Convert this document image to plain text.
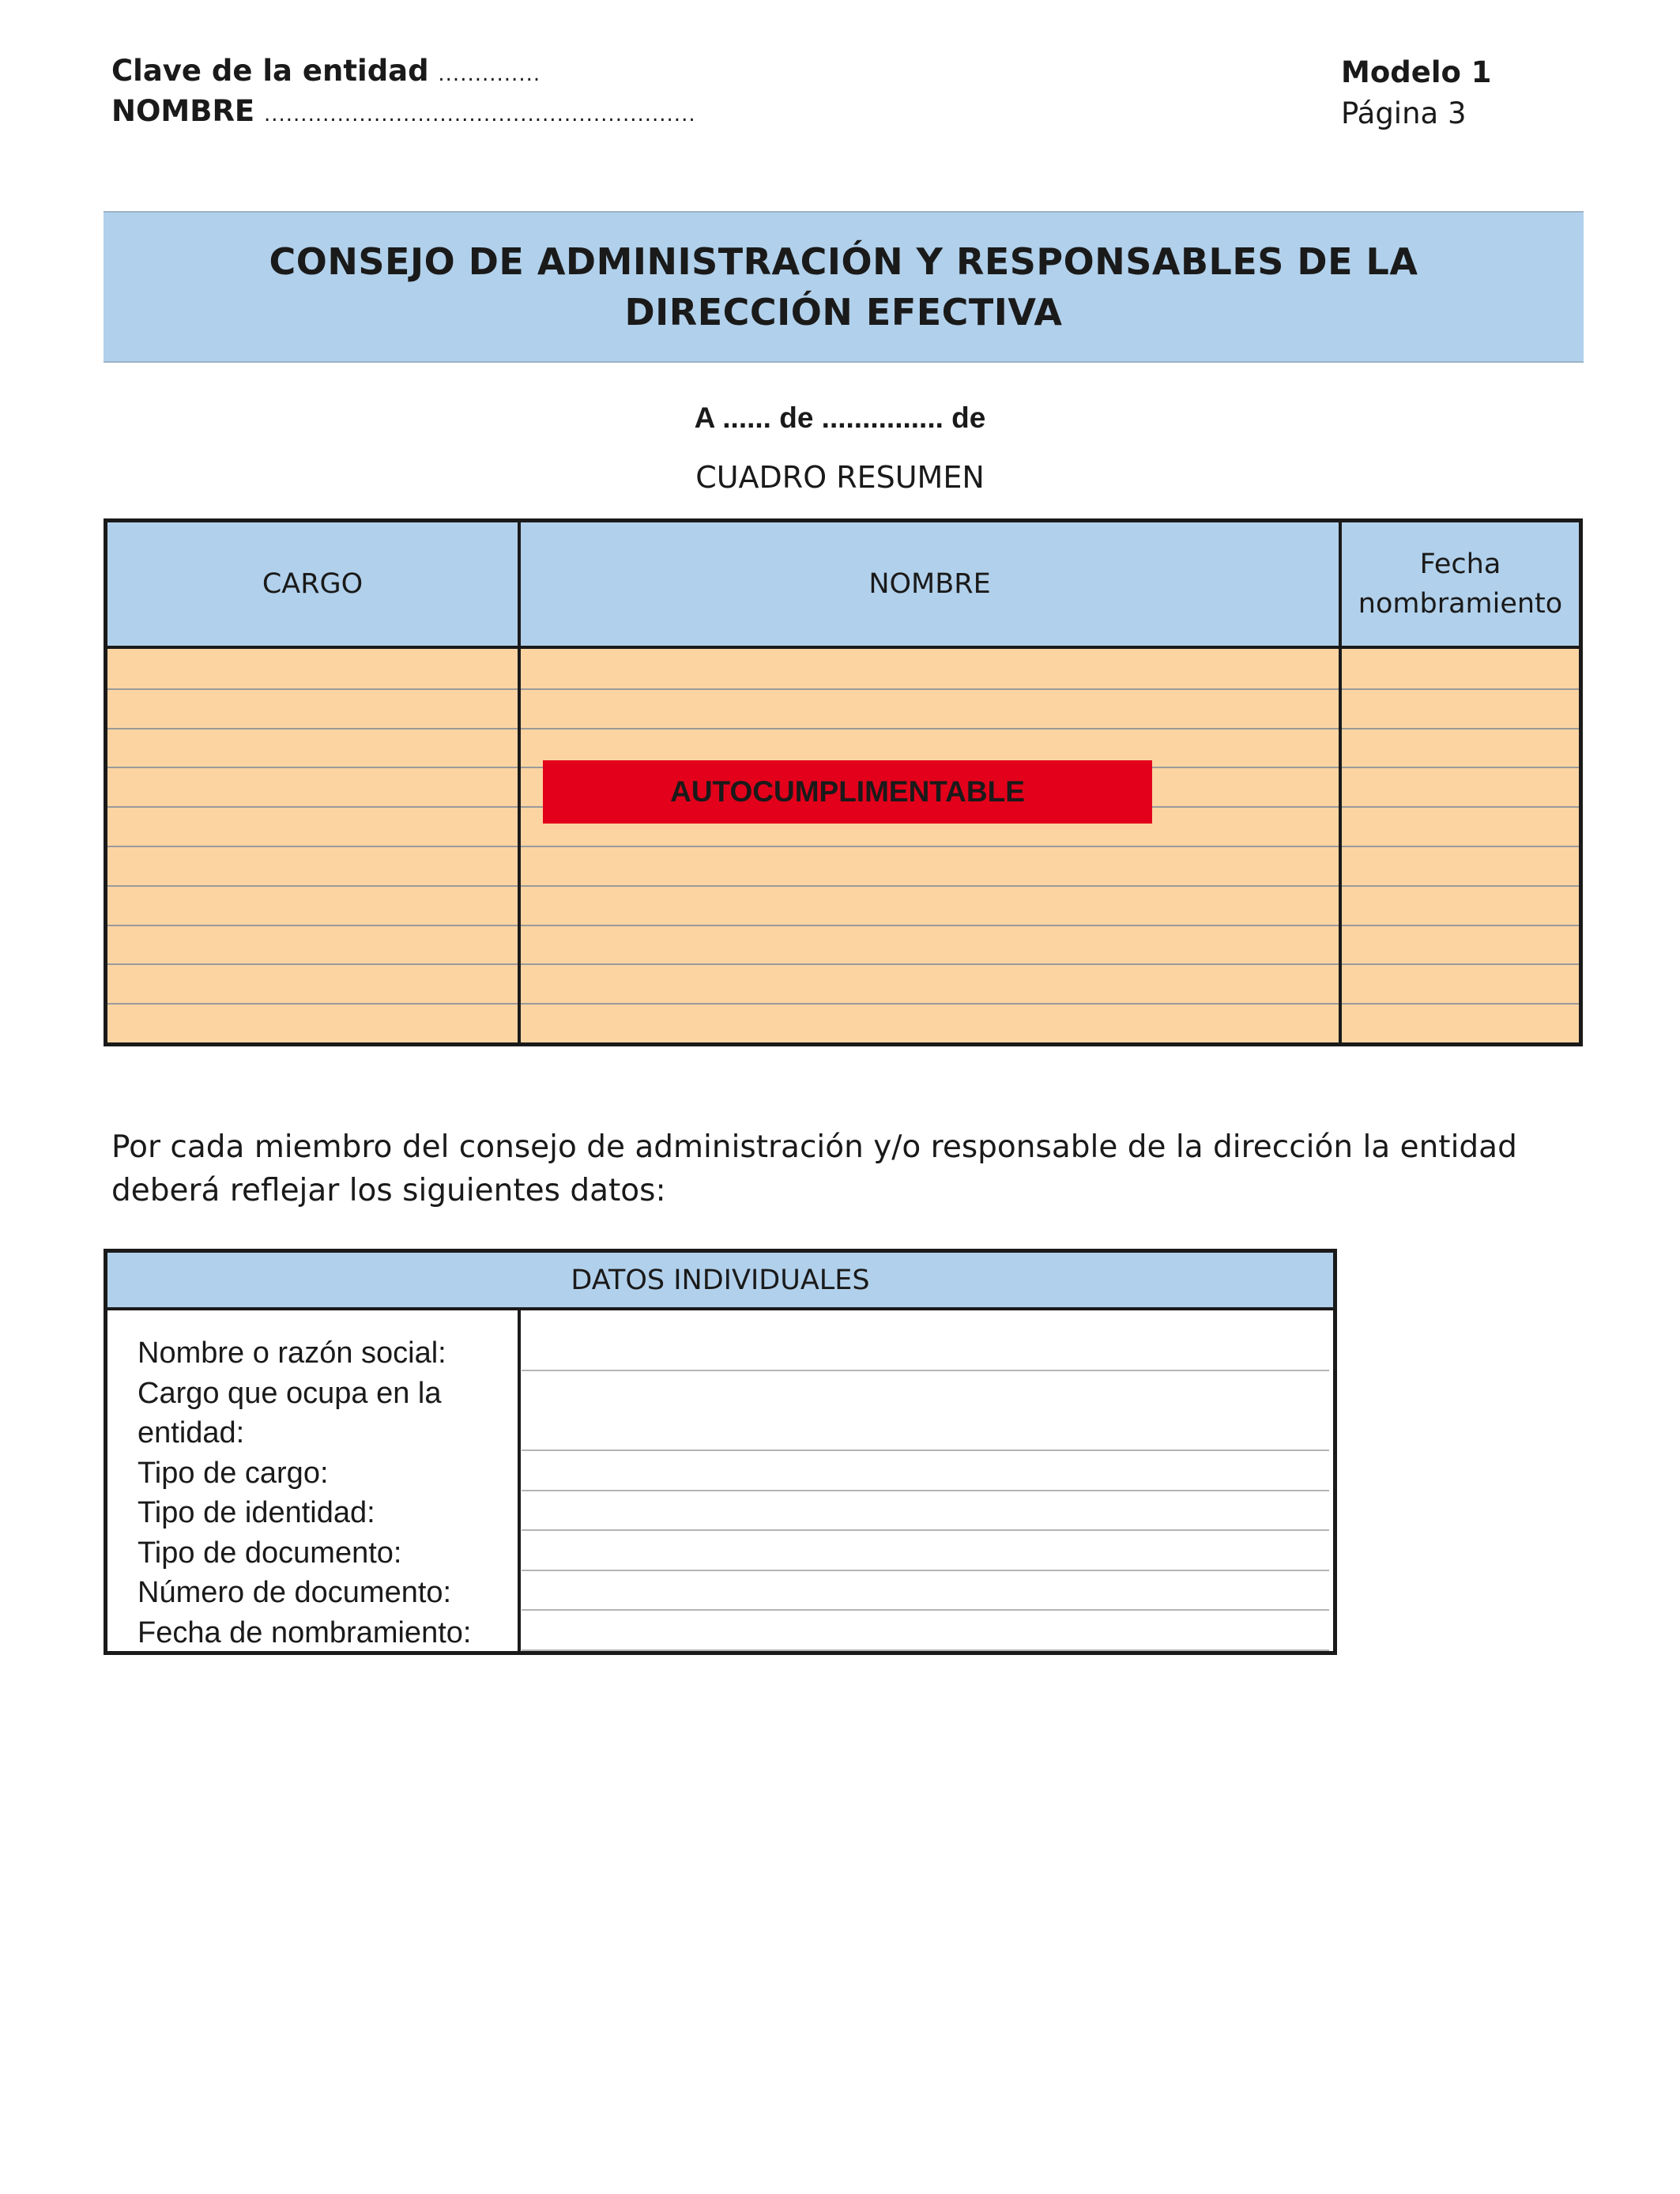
Clave de la entidad ..............
NOMBRE ...........................................................
Modelo 1
Página 3
CONSEJO DE ADMINISTRACIÓN Y RESPONSABLES DE LA
DIRECCIÓN EFECTIVA
A ...... de ............... de
CUADRO RESUMEN
CARGO	NOMBRE
Fecha
nombramiento
AUTOCUMPLIMENTABLE
Por cada miembro del consejo de administración y/o responsable de la dirección la entidad deberá reflejar los siguientes datos:
DATOS INDIVIDUALES
Nombre o razón social:
Cargo que ocupa en la
entidad:
Tipo de cargo:
Tipo de identidad:
Tipo de documento:
Número de documento:
Fecha de nombramiento:
